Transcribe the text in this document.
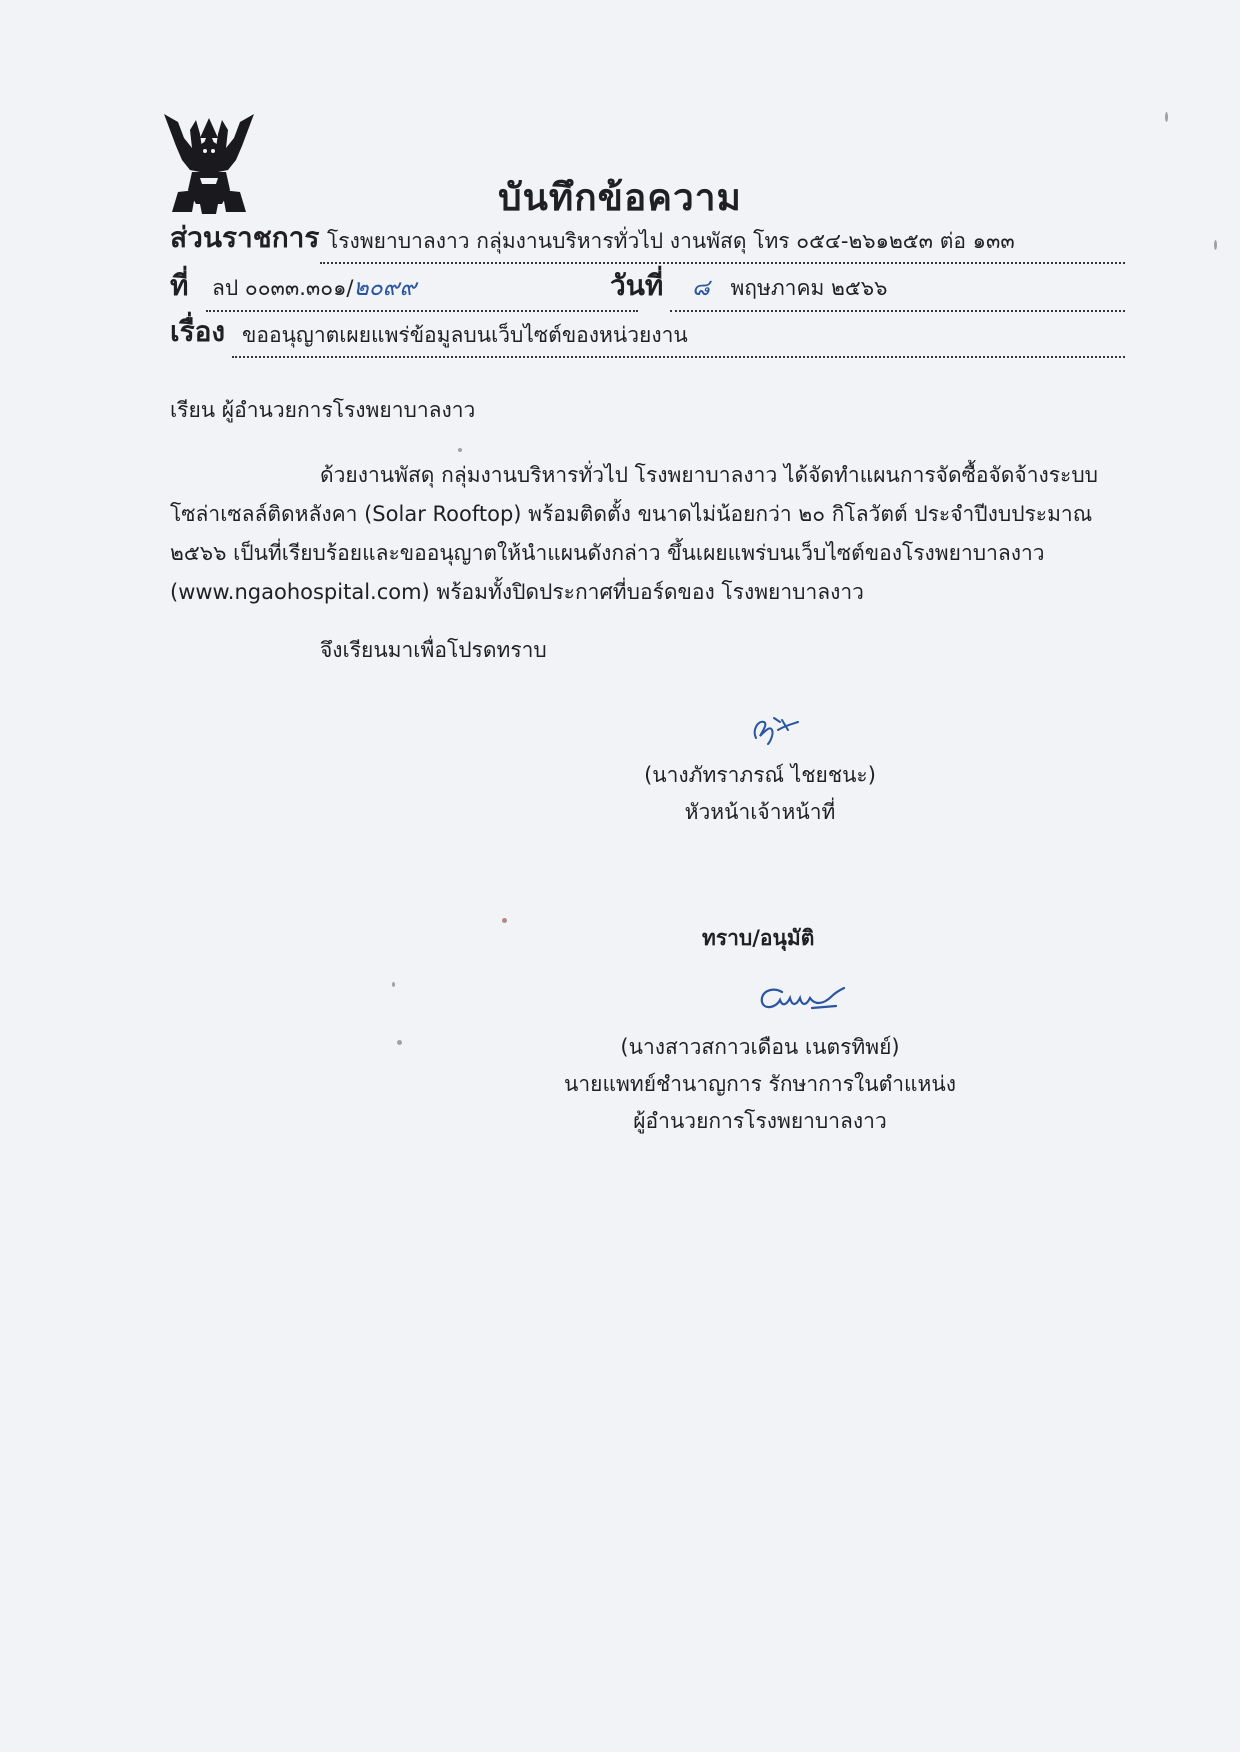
บันทึกข้อความ
ส่วนราชการ โรงพยาบาลงาว กลุ่มงานบริหารทั่วไป งานพัสดุ โทร ๐๕๔-๒๖๑๒๕๓ ต่อ ๑๓๓
ที่ ลป ๐๐๓๓.๓๐๑/๒๐๙๙	วันที่ ๘ พฤษภาคม ๒๕๖๖
เรื่อง ขออนุญาตเผยแพร่ข้อมูลบนเว็บไซต์ของหน่วยงาน
เรียน ผู้อำนวยการโรงพยาบาลงาว
ด้วยงานพัสดุ กลุ่มงานบริหารทั่วไป โรงพยาบาลงาว ได้จัดทำแผนการจัดซื้อจัดจ้างระบบ
โซล่าเซลล์ติดหลังคา (Solar Rooftop) พร้อมติดตั้ง ขนาดไม่น้อยกว่า ๒๐ กิโลวัตต์ ประจำปีงบประมาณ
๒๕๖๖ เป็นที่เรียบร้อยและขออนุญาตให้นำแผนดังกล่าว ขึ้นเผยแพร่บนเว็บไซต์ของโรงพยาบาลงาว
(www.ngaohospital.com) พร้อมทั้งปิดประกาศที่บอร์ดของ โรงพยาบาลงาว
จึงเรียนมาเพื่อโปรดทราบ
(นางภัทราภรณ์ ไชยชนะ)
หัวหน้าเจ้าหน้าที่
ทราบ/อนุมัติ
(นางสาวสกาวเดือน เนตรทิพย์)
นายแพทย์ชำนาญการ รักษาการในตำแหน่ง
ผู้อำนวยการโรงพยาบาลงาว
